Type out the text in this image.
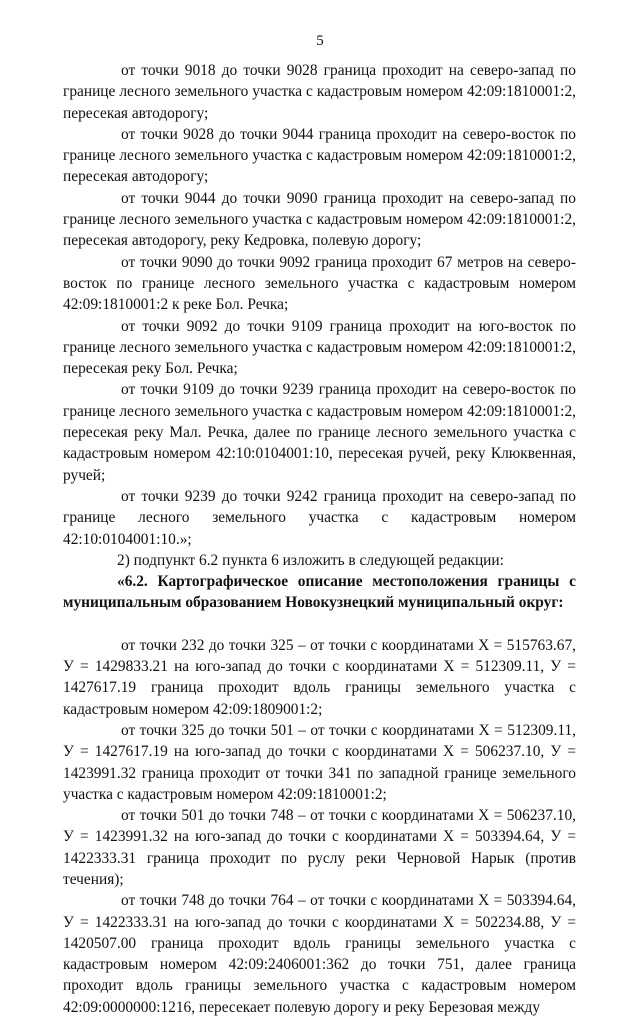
5

от точки 9018 до точки 9028 граница проходит на северо-запад по границе лесного земельного участка с кадастровым номером 42:09:1810001:2, пересекая автодорогу;

от точки 9028 до точки 9044 граница проходит на северо-восток по границе лесного земельного участка с кадастровым номером 42:09:1810001:2, пересекая автодорогу;

от точки 9044 до точки 9090 граница проходит на северо-запад по границе лесного земельного участка с кадастровым номером 42:09:1810001:2, пересекая автодорогу, реку Кедровка, полевую дорогу;

от точки 9090 до точки 9092 граница проходит 67 метров на северо-восток по границе лесного земельного участка с кадастровым номером 42:09:1810001:2 к реке Бол. Речка;

от точки 9092 до точки 9109 граница проходит на юго-восток по границе лесного земельного участка с кадастровым номером 42:09:1810001:2, пересекая реку Бол. Речка;

от точки 9109 до точки 9239 граница проходит на северо-восток по границе лесного земельного участка с кадастровым номером 42:09:1810001:2, пересекая реку Мал. Речка, далее по границе лесного земельного участка с кадастровым номером 42:10:0104001:10, пересекая ручей, реку Клюквенная, ручей;

от точки 9239 до точки 9242 граница проходит на северо-запад по границе лесного земельного участка с кадастровым номером 42:10:0104001:10.»;

2) подпункт 6.2 пункта 6 изложить в следующей редакции:

«6.2. Картографическое описание местоположения границы с муниципальным образованием Новокузнецкий муниципальный округ:

от точки 232 до точки 325 – от точки с координатами X = 515763.67, У = 1429833.21 на юго-запад до точки с координатами X = 512309.11, У = 1427617.19 граница проходит вдоль границы земельного участка с кадастровым номером 42:09:1809001:2;

от точки 325 до точки 501 – от точки с координатами X = 512309.11, У = 1427617.19 на юго-запад до точки с координатами X = 506237.10, У = 1423991.32 граница проходит от точки 341 по западной границе земельного участка с кадастровым номером 42:09:1810001:2;

от точки 501 до точки 748 – от точки с координатами X = 506237.10, У = 1423991.32 на юго-запад до точки с координатами X = 503394.64, У = 1422333.31 граница проходит по руслу реки Черновой Нарык (против течения);

от точки 748 до точки 764 – от точки с координатами X = 503394.64, У = 1422333.31 на юго-запад до точки с координатами X = 502234.88, У = 1420507.00 граница проходит вдоль границы земельного участка с кадастровым номером 42:09:2406001:362 до точки 751, далее граница проходит вдоль границы земельного участка с кадастровым номером 42:09:0000000:1216, пересекает полевую дорогу и реку Березовая между
